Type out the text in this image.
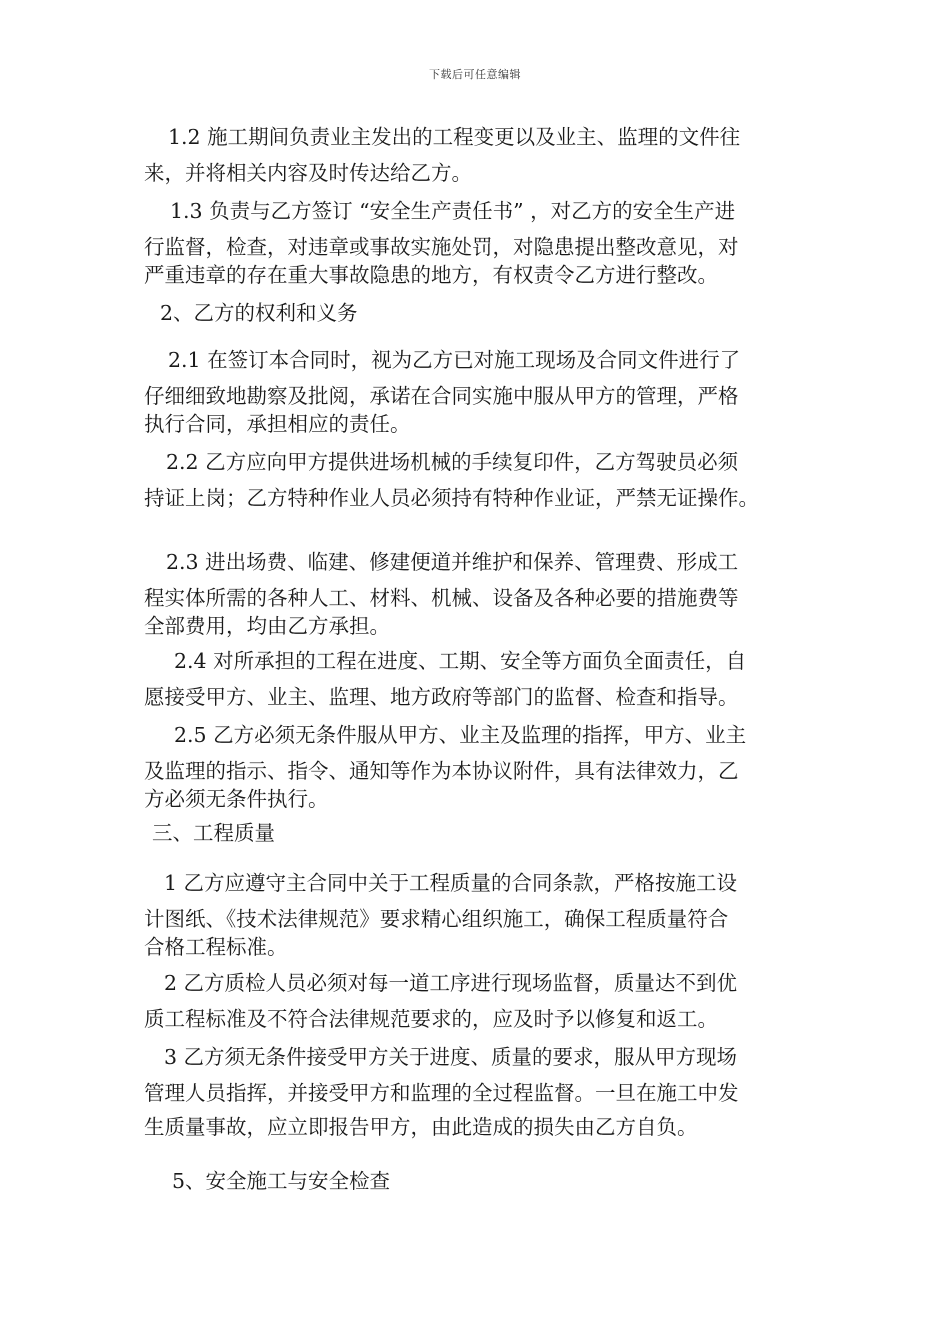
下载后可任意编辑
1.2 施工期间负责业主发出的工程变更以及业主、监理的文件往
来，并将相关内容及时传达给乙方。
1.3 负责与乙方签订 “安全生产责任书” ，对乙方的安全生产进
行监督，检查，对违章或事故实施处罚，对隐患提出整改意见，对
严重违章的存在重大事故隐患的地方，有权责令乙方进行整改。
2、乙方的权利和义务
2.1 在签订本合同时，视为乙方已对施工现场及合同文件进行了
仔细细致地勘察及批阅，承诺在合同实施中服从甲方的管理，严格
执行合同，承担相应的责任。
2.2 乙方应向甲方提供进场机械的手续复印件，乙方驾驶员必须
持证上岗；乙方特种作业人员必须持有特种作业证，严禁无证操作。
2.3 进出场费、临建、修建便道并维护和保养、管理费、形成工
程实体所需的各种人工、材料、机械、设备及各种必要的措施费等
全部费用，均由乙方承担。
2.4 对所承担的工程在进度、工期、安全等方面负全面责任，自
愿接受甲方、业主、监理、地方政府等部门的监督、检查和指导。
2.5 乙方必须无条件服从甲方、业主及监理的指挥，甲方、业主
及监理的指示、指令、通知等作为本协议附件，具有法律效力，乙
方必须无条件执行。
三、工程质量
1 乙方应遵守主合同中关于工程质量的合同条款，严格按施工设
计图纸、《技术法律规范》要求精心组织施工，确保工程质量符合
合格工程标准。
2 乙方质检人员必须对每一道工序进行现场监督，质量达不到优
质工程标准及不符合法律规范要求的，应及时予以修复和返工。
3 乙方须无条件接受甲方关于进度、质量的要求，服从甲方现场
管理人员指挥，并接受甲方和监理的全过程监督。一旦在施工中发
生质量事故，应立即报告甲方，由此造成的损失由乙方自负。
5、安全施工与安全检查
